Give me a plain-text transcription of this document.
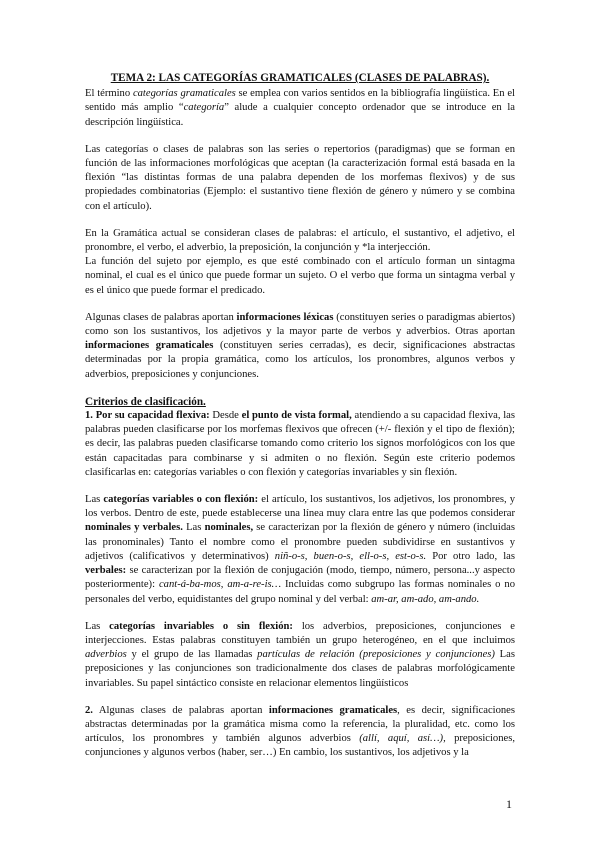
TEMA 2: LAS CATEGORÍAS GRAMATICALES (CLASES DE PALABRAS).

El término categorías gramaticales se emplea con varios sentidos en la bibliografía lingüística. En el sentido más amplio “categoría” alude a cualquier concepto ordenador que se introduce en la descripción lingüística.

Las categorías o clases de palabras son las series o repertorios (paradigmas) que se forman en función de las informaciones morfológicas que aceptan (la caracterización formal está basada en la flexión “las distintas formas de una palabra dependen de los morfemas flexivos) y de sus propiedades combinatorias (Ejemplo: el sustantivo tiene flexión de género y número y se combina con el artículo).

En la Gramática actual se consideran clases de palabras: el artículo, el sustantivo, el adjetivo, el pronombre, el verbo, el adverbio, la preposición, la conjunción y *la interjección.

La función del sujeto por ejemplo, es que esté combinado con el artículo forman un sintagma nominal, el cual es el único que puede formar un sujeto. O el verbo que forma un sintagma verbal y es el único que puede formar el predicado.

Algunas clases de palabras aportan informaciones léxicas (constituyen series o paradigmas abiertos) como son los sustantivos, los adjetivos y la mayor parte de verbos y adverbios. Otras aportan informaciones gramaticales (constituyen series cerradas), es decir, significaciones abstractas determinadas por la propia gramática, como los artículos, los pronombres, algunos verbos y adverbios, preposiciones y conjunciones.

Criterios de clasificación.

1. Por su capacidad flexiva: Desde el punto de vista formal, atendiendo a su capacidad flexiva, las palabras pueden clasificarse por los morfemas flexivos que ofrecen (+/- flexión y el tipo de flexión); es decir, las palabras pueden clasificarse tomando como criterio los signos morfológicos con los que están capacitadas para combinarse y si admiten o no flexión. Según este criterio podemos clasificarlas en: categorías variables o con flexión y categorías invariables y sin flexión.

Las categorías variables o con flexión: el artículo, los sustantivos, los adjetivos, los pronombres, y los verbos. Dentro de este, puede establecerse una línea muy clara entre las que podemos considerar nominales y verbales. Las nominales, se caracterizan por la flexión de género y número (incluidas las pronominales) Tanto el nombre como el pronombre pueden subdividirse en sustantivos y adjetivos (calificativos y determinativos) niñ-o-s, buen-o-s, ell-o-s, est-o-s. Por otro lado, las verbales: se caracterizan por la flexión de conjugación (modo, tiempo, número, persona...y aspecto posteriormente): cant-á-ba-mos, am-a-re-is… Incluidas como subgrupo las formas nominales o no personales del verbo, equidistantes del grupo nominal y del verbal: am-ar, am-ado, am-ando.

Las categorías invariables o sin flexión: los adverbios, preposiciones, conjunciones e interjecciones. Estas palabras constituyen también un grupo heterogéneo, en el que incluimos adverbios y el grupo de las llamadas partículas de relación (preposiciones y conjunciones) Las preposiciones y las conjunciones son tradicionalmente dos clases de palabras morfológicamente invariables. Su papel sintáctico consiste en relacionar elementos lingüísticos

2. Algunas clases de palabras aportan informaciones gramaticales, es decir, significaciones abstractas determinadas por la gramática misma como la referencia, la pluralidad, etc. como los artículos, los pronombres y también algunos adverbios (allí, aquí, así…), preposiciones, conjunciones y algunos verbos (haber, ser…) En cambio, los sustantivos, los adjetivos y la

1
